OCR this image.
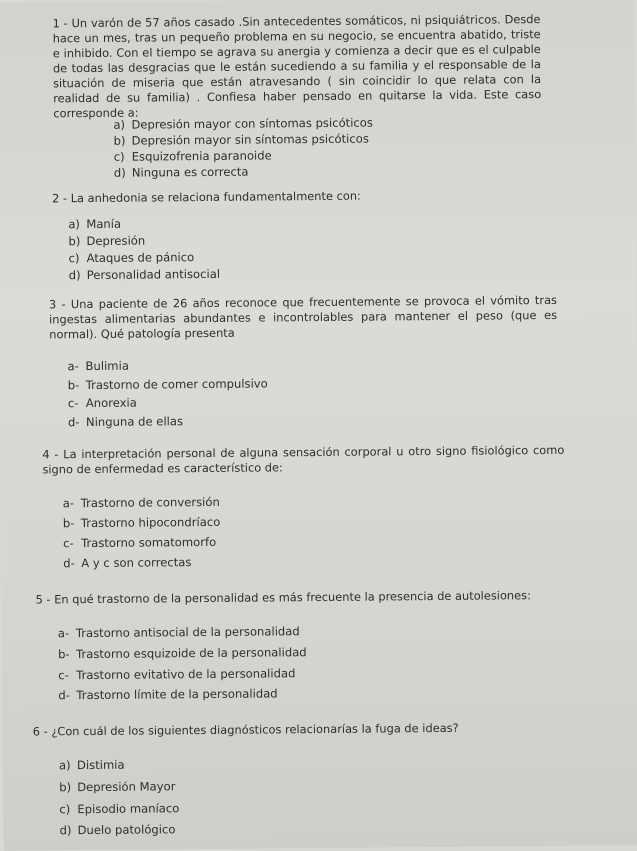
1 - Un varón de 57 años casado .Sin antecedentes somáticos, ni psiquiátricos. Desde hace un mes, tras un pequeño problema en su negocio, se encuentra abatido, triste e inhibido. Con el tiempo se agrava su anergia y comienza a decir que es el culpable de todas las desgracias que le están sucediendo a su familia y el responsable de la situación de miseria que están atravesando ( sin coincidir lo que relata con la realidad de su familia) . Confiesa haber pensado en quitarse la vida. Este caso corresponde a:

a) Depresión mayor con síntomas psicóticos
b) Depresión mayor sin síntomas psicóticos
c) Esquizofrenia paranoide
d) Ninguna es correcta

2 - La anhedonia se relaciona fundamentalmente con:

a) Manía
b) Depresión
c) Ataques de pánico
d) Personalidad antisocial

3 - Una paciente de 26 años reconoce que frecuentemente se provoca el vómito tras ingestas alimentarias abundantes e incontrolables para mantener el peso (que es normal). Qué patología presenta

a- Bulimia
b- Trastorno de comer compulsivo
c- Anorexia
d- Ninguna de ellas

4 - La interpretación personal de alguna sensación corporal u otro signo fisiológico como signo de enfermedad es característico de:

a- Trastorno de conversión
b- Trastorno hipocondríaco
c- Trastorno somatomorfo
d- A y c son correctas

5 - En qué trastorno de la personalidad es más frecuente la presencia de autolesiones:

a- Trastorno antisocial de la personalidad
b- Trastorno esquizoide de la personalidad
c- Trastorno evitativo de la personalidad
d- Trastorno límite de la personalidad

6 - ¿Con cuál de los siguientes diagnósticos relacionarías la fuga de ideas?

a) Distimia
b) Depresión Mayor
c) Episodio maníaco
d) Duelo patológico
